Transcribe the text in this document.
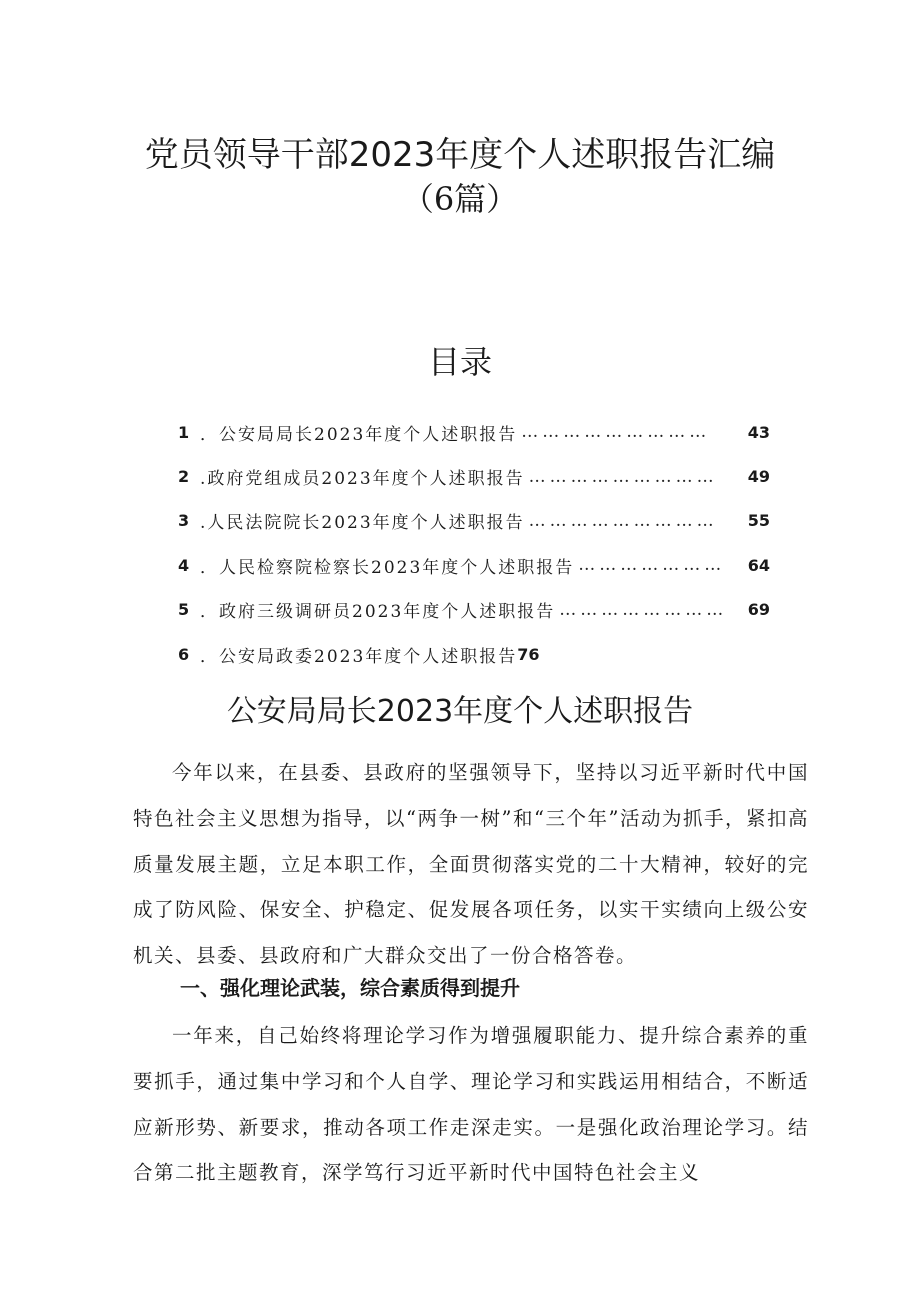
党员领导干部2023年度个人述职报告汇编
（6篇）
目录
1 ．公安局局长2023年度个人述职报告 ………………………	43
2 .政府党组成员2023年度个人述职报告 ………………………	49
3 .人民法院院长2023年度个人述职报告 ………………………	55
4 ．人民检察院检察长2023年度个人述职报告 …………………	64
5 ．政府三级调研员2023年度个人述职报告 ……………………	69
6 ．公安局政委2023年度个人述职报告 76
公安局局长2023年度个人述职报告
今年以来，在县委、县政府的坚强领导下，坚持以习近平新时代中国特色社会主义思想为指导，以“两争一树”和“三个年”活动为抓手，紧扣高质量发展主题，立足本职工作，全面贯彻落实党的二十大精神，较好的完成了防风险、保安全、护稳定、促发展各项任务，以实干实绩向上级公安机关、县委、县政府和广大群众交出了一份合格答卷。
一、强化理论武装，综合素质得到提升
一年来，自己始终将理论学习作为增强履职能力、提升综合素养的重要抓手，通过集中学习和个人自学、理论学习和实践运用相结合，不断适应新形势、新要求，推动各项工作走深走实。一是强化政治理论学习。结合第二批主题教育，深学笃行习近平新时代中国特色社会主义
